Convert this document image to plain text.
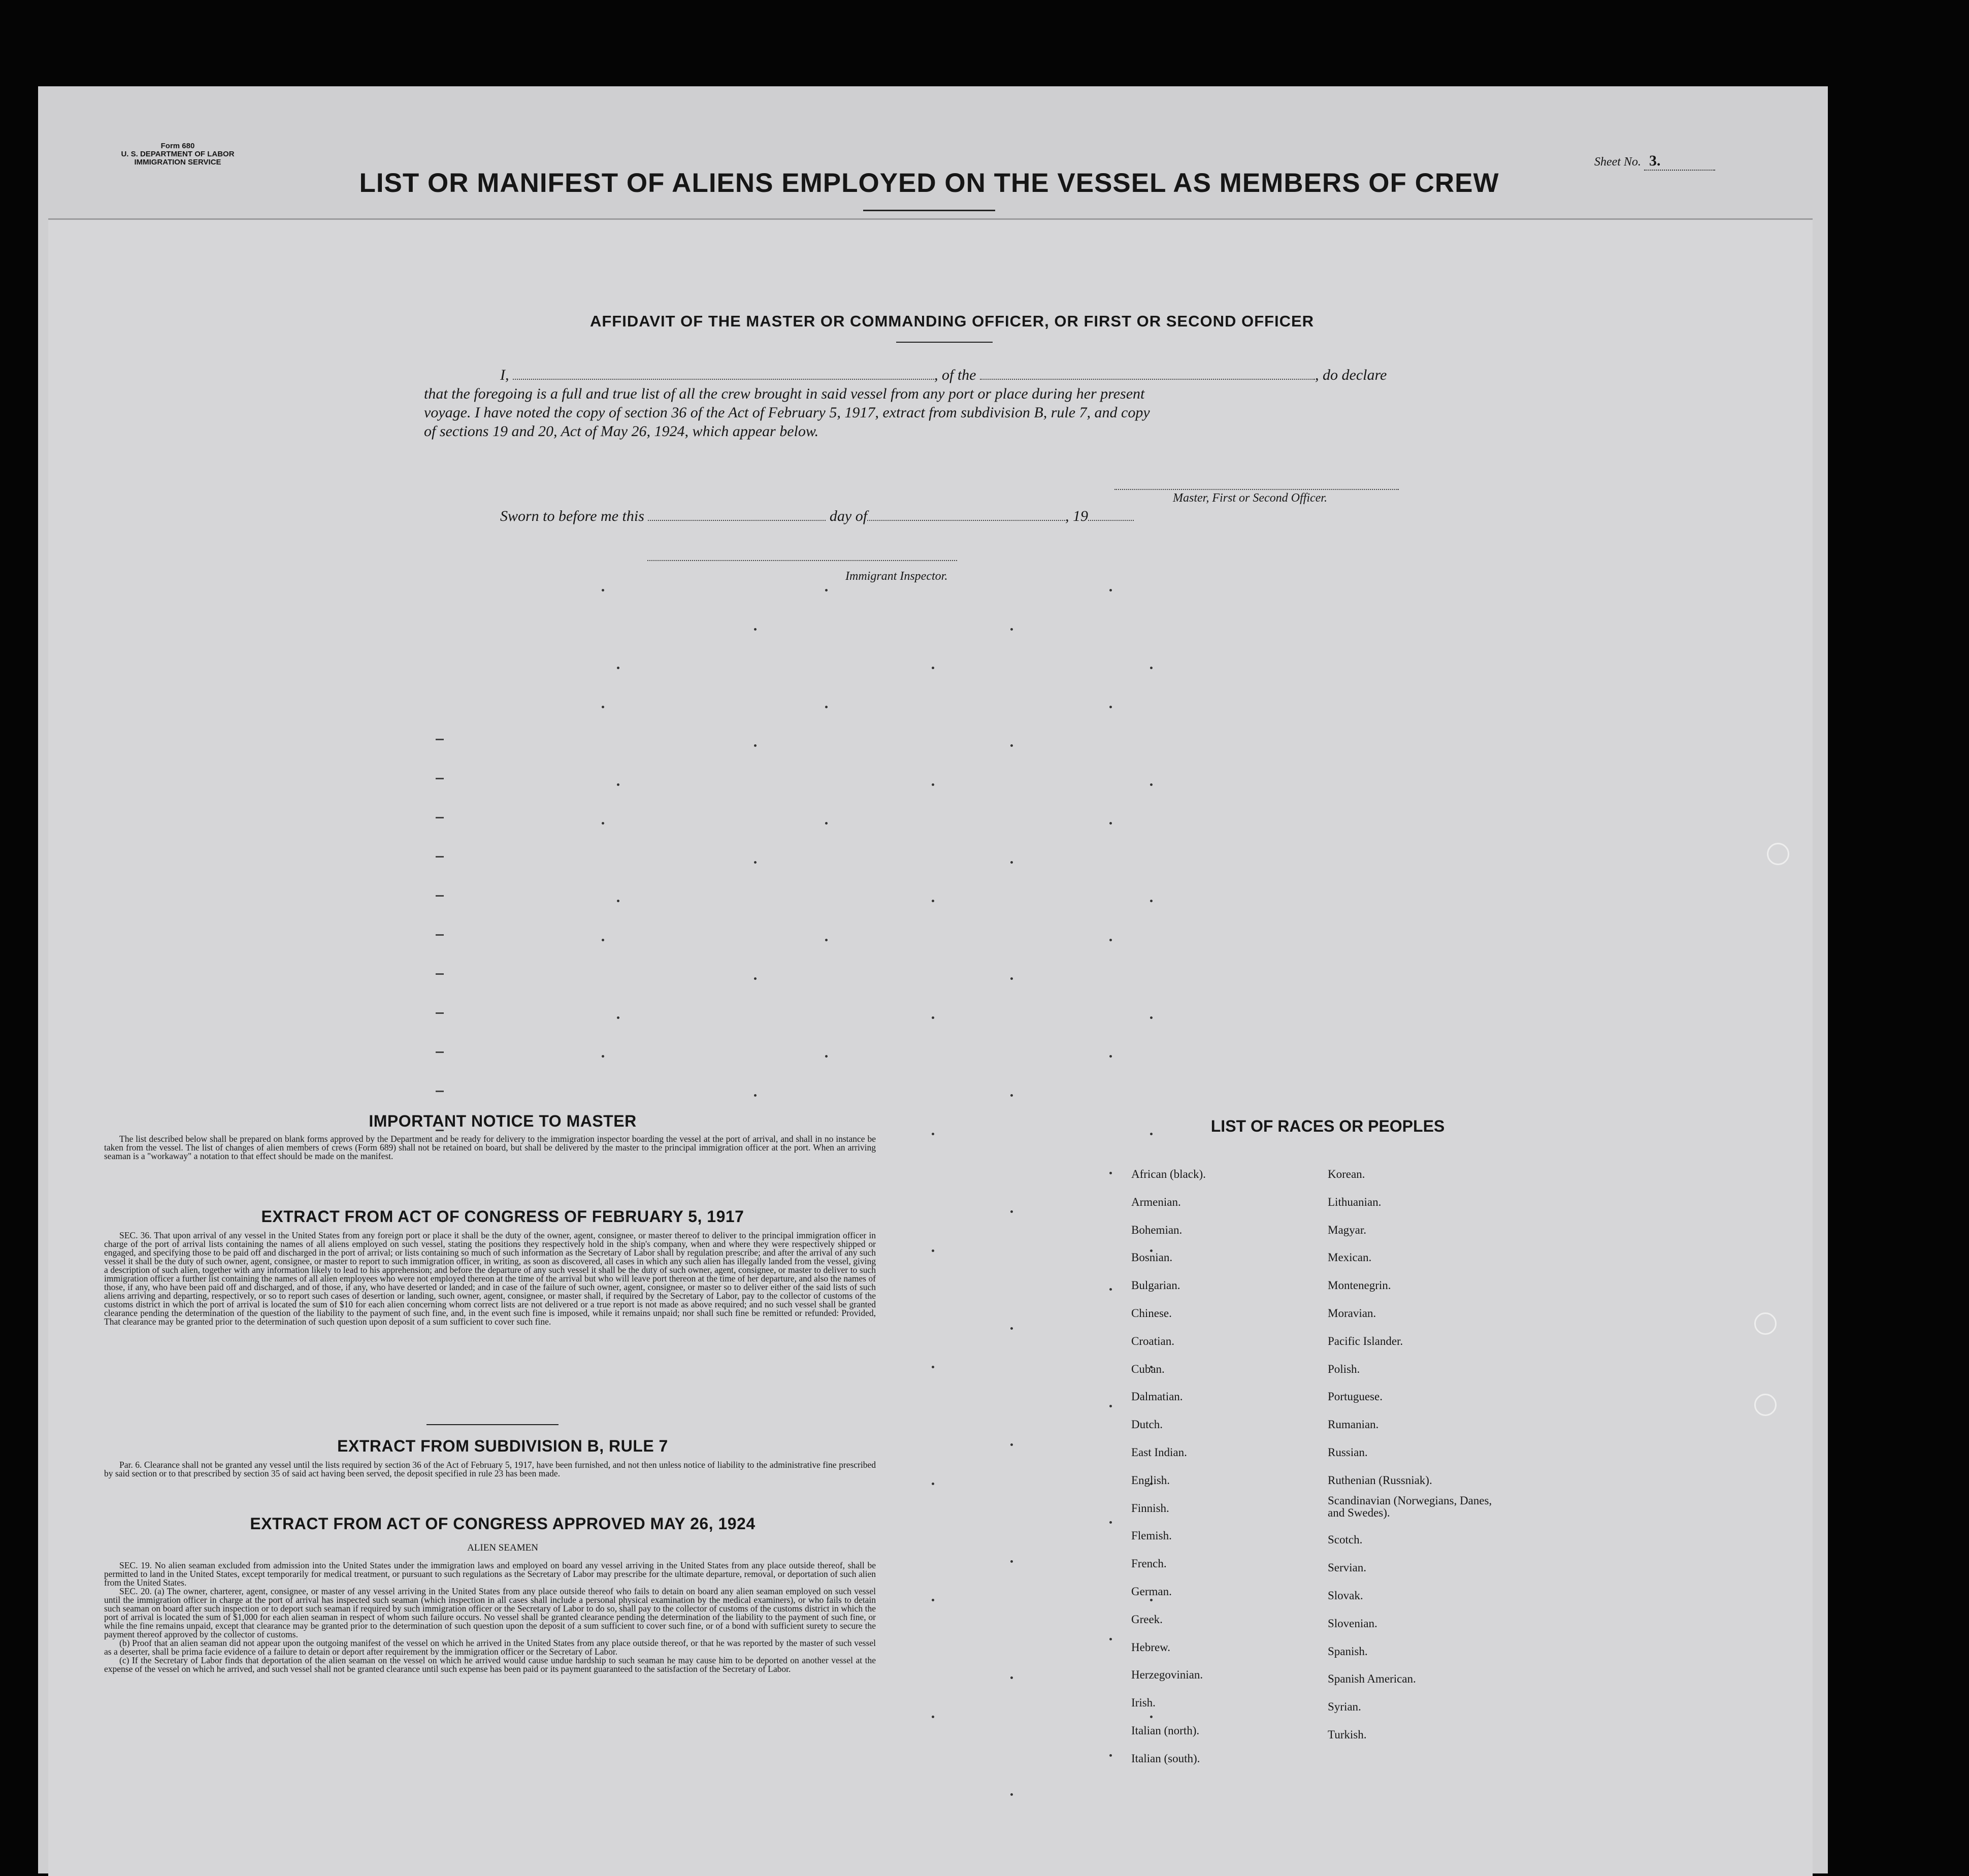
Form 680
U. S. DEPARTMENT OF LABOR
IMMIGRATION SERVICE
LIST OR MANIFEST OF ALIENS EMPLOYED ON THE VESSEL AS MEMBERS OF CREW
Sheet No. 3.
AFFIDAVIT OF THE MASTER OR COMMANDING OFFICER, OR FIRST OR SECOND OFFICER
I,	, of the	, do declare
that the foregoing is a full and true list of all the crew brought in said vessel from any port or place during her present
voyage. I have noted the copy of section 36 of the Act of February 5, 1917, extract from subdivision B, rule 7, and copy
of sections 19 and 20, Act of May 26, 1924, which appear below.
Master, First or Second Officer.
Sworn to before me this	day of	, 19
Immigrant Inspector.
IMPORTANT NOTICE TO MASTER

The list described below shall be prepared on blank forms approved by the Department and be ready for delivery to the immigration inspector boarding the vessel at the port of arrival, and shall in no instance be taken from the vessel. The list of changes of alien members of crews (Form 689) shall not be retained on board, but shall be delivered by the master to the principal immigration officer at the port. When an arriving seaman is a "workaway" a notation to that effect should be made on the manifest.

EXTRACT FROM ACT OF CONGRESS OF FEBRUARY 5, 1917

SEC. 36. That upon arrival of any vessel in the United States from any foreign port or place it shall be the duty of the owner, agent, consignee, or master thereof to deliver to the principal immigration officer in charge of the port of arrival lists containing the names of all aliens employed on such vessel, stating the positions they respectively hold in the ship's company, when and where they were respectively shipped or engaged, and specifying those to be paid off and discharged in the port of arrival; or lists containing so much of such information as the Secretary of Labor shall by regulation prescribe; and after the arrival of any such vessel it shall be the duty of such owner, agent, consignee, or master to report to such immigration officer, in writing, as soon as discovered, all cases in which any such alien has illegally landed from the vessel, giving a description of such alien, together with any information likely to lead to his apprehension; and before the departure of any such vessel it shall be the duty of such owner, agent, consignee, or master to deliver to such immigration officer a further list containing the names of all alien employees who were not employed thereon at the time of the arrival but who will leave port thereon at the time of her departure, and also the names of those, if any, who have been paid off and discharged, and of those, if any, who have deserted or landed; and in case of the failure of such owner, agent, consignee, or master so to deliver either of the said lists of such aliens arriving and departing, respectively, or so to report such cases of desertion or landing, such owner, agent, consignee, or master shall, if required by the Secretary of Labor, pay to the collector of customs of the customs district in which the port of arrival is located the sum of $10 for each alien concerning whom correct lists are not delivered or a true report is not made as above required; and no such vessel shall be granted clearance pending the determination of the question of the liability to the payment of such fine, and, in the event such fine is imposed, while it remains unpaid; nor shall such fine be remitted or refunded: Provided, That clearance may be granted prior to the determination of such question upon deposit of a sum sufficient to cover such fine.

EXTRACT FROM SUBDIVISION B, RULE 7

Par. 6. Clearance shall not be granted any vessel until the lists required by section 36 of the Act of February 5, 1917, have been furnished, and not then unless notice of liability to the administrative fine prescribed by said section or to that prescribed by section 35 of said act having been served, the deposit specified in rule 23 has been made.

EXTRACT FROM ACT OF CONGRESS APPROVED MAY 26, 1924
ALIEN SEAMEN

SEC. 19. No alien seaman excluded from admission into the United States under the immigration laws and employed on board any vessel arriving in the United States from any place outside thereof, shall be permitted to land in the United States, except temporarily for medical treatment, or pursuant to such regulations as the Secretary of Labor may prescribe for the ultimate departure, removal, or deportation of such alien from the United States.

SEC. 20. (a) The owner, charterer, agent, consignee, or master of any vessel arriving in the United States from any place outside thereof who fails to detain on board any alien seaman employed on such vessel until the immigration officer in charge at the port of arrival has inspected such seaman (which inspection in all cases shall include a personal physical examination by the medical examiners), or who fails to detain such seaman on board after such inspection or to deport such seaman if required by such immigration officer or the Secretary of Labor to do so, shall pay to the collector of customs of the customs district in which the port of arrival is located the sum of $1,000 for each alien seaman in respect of whom such failure occurs. No vessel shall be granted clearance pending the determination of the liability to the payment of such fine, or while the fine remains unpaid, except that clearance may be granted prior to the determination of such question upon the deposit of a sum sufficient to cover such fine, or of a bond with sufficient surety to secure the payment thereof approved by the collector of customs.

(b) Proof that an alien seaman did not appear upon the outgoing manifest of the vessel on which he arrived in the United States from any place outside thereof, or that he was reported by the master of such vessel as a deserter, shall be prima facie evidence of a failure to detain or deport after requirement by the immigration officer or the Secretary of Labor.

(c) If the Secretary of Labor finds that deportation of the alien seaman on the vessel on which he arrived would cause undue hardship to such seaman he may cause him to be deported on another vessel at the expense of the vessel on which he arrived, and such vessel shall not be granted clearance until such expense has been paid or its payment guaranteed to the satisfaction of the Secretary of Labor.

LIST OF RACES OR PEOPLES
African (black).
Armenian.
Bohemian.
Bosnian.
Bulgarian.
Chinese.
Croatian.
Cuban.
Dalmatian.
Dutch.
East Indian.
English.
Finnish.
Flemish.
French.
German.
Greek.
Hebrew.
Herzegovinian.
Irish.
Italian (north).
Italian (south).
Korean.
Lithuanian.
Magyar.
Mexican.
Montenegrin.
Moravian.
Pacific Islander.
Polish.
Portuguese.
Rumanian.
Russian.
Ruthenian (Russniak).
Scandinavian (Norwegians, Danes, and Swedes).
Scotch.
Servian.
Slovak.
Slovenian.
Spanish.
Spanish American.
Syrian.
Turkish.
